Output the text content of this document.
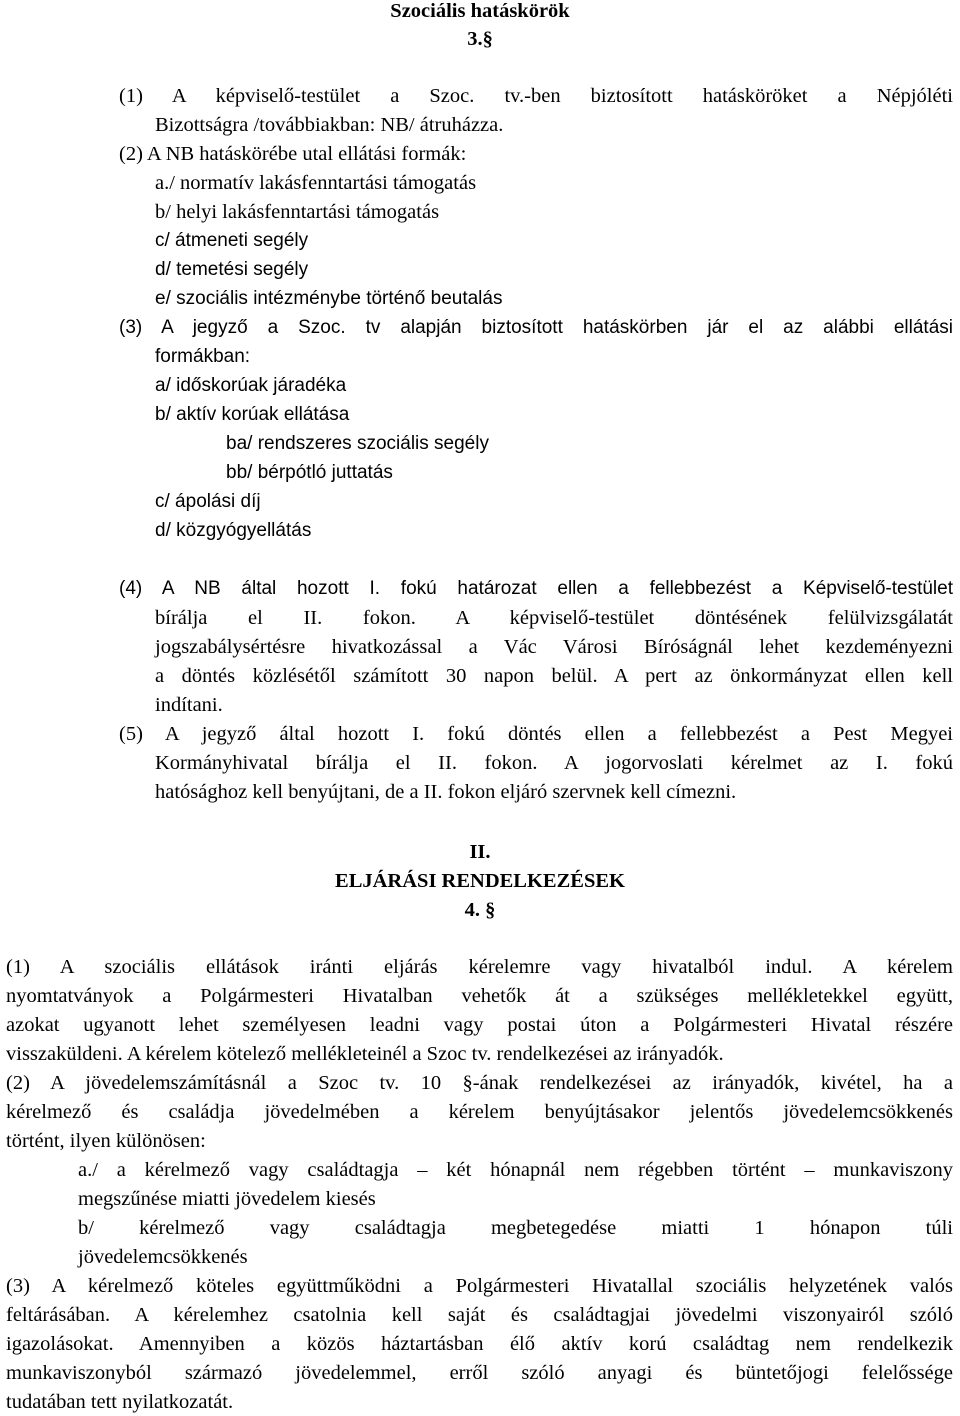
Szociális hatáskörök
3.§
(1) A képviselő-testület a Szoc. tv.-ben biztosított hatásköröket a Népjóléti
Bizottságra /továbbiakban: NB/ átruházza.
(2) A NB hatáskörébe utal ellátási formák:
a./ normatív lakásfenntartási támogatás
b/ helyi lakásfenntartási támogatás
c/ átmeneti segély
d/ temetési segély
e/ szociális intézménybe történő beutalás
(3) A jegyző a Szoc. tv alapján biztosított hatáskörben jár el az alábbi ellátási
formákban:
a/ időskorúak járadéka
b/ aktív korúak ellátása
ba/ rendszeres szociális segély
bb/ bérpótló juttatás
c/ ápolási díj
d/ közgyógyellátás
(4) A NB által hozott I. fokú határozat ellen a fellebbezést a Képviselő-testület
bírálja el II. fokon. A képviselő-testület döntésének felülvizsgálatát
jogszabálysértésre hivatkozással a Vác Városi Bíróságnál lehet kezdeményezni
a döntés közlésétől számított 30 napon belül. A pert az önkormányzat ellen kell
indítani.
(5) A jegyző által hozott I. fokú döntés ellen a fellebbezést a Pest Megyei
Kormányhivatal bírálja el II. fokon. A jogorvoslati kérelmet az I. fokú
hatósághoz kell benyújtani, de a II. fokon eljáró szervnek kell címezni.
II.
ELJÁRÁSI RENDELKEZÉSEK
4. §
(1) A szociális ellátások iránti eljárás kérelemre vagy hivatalból indul. A kérelem
nyomtatványok a Polgármesteri Hivatalban vehetők át a szükséges mellékletekkel együtt,
azokat ugyanott lehet személyesen leadni vagy postai úton a Polgármesteri Hivatal részére
visszaküldeni. A kérelem kötelező mellékleteinél a Szoc tv. rendelkezései az irányadók.
(2) A jövedelemszámításnál a Szoc tv. 10 §-ának rendelkezései az irányadók, kivétel, ha a
kérelmező és családja jövedelmében a kérelem benyújtásakor jelentős jövedelemcsökkenés
történt, ilyen különösen:
a./ a kérelmező vagy családtagja – két hónapnál nem régebben történt – munkaviszony
megszűnése miatti jövedelem kiesés
b/ kérelmező vagy családtagja megbetegedése miatti 1 hónapon túli
jövedelemcsökkenés
(3) A kérelmező köteles együttműködni a Polgármesteri Hivatallal szociális helyzetének valós
feltárásában. A kérelemhez csatolnia kell saját és családtagjai jövedelmi viszonyairól szóló
igazolásokat. Amennyiben a közös háztartásban élő aktív korú családtag nem rendelkezik
munkaviszonyból származó jövedelemmel, erről szóló anyagi és büntetőjogi felelőssége
tudatában tett nyilatkozatát.
